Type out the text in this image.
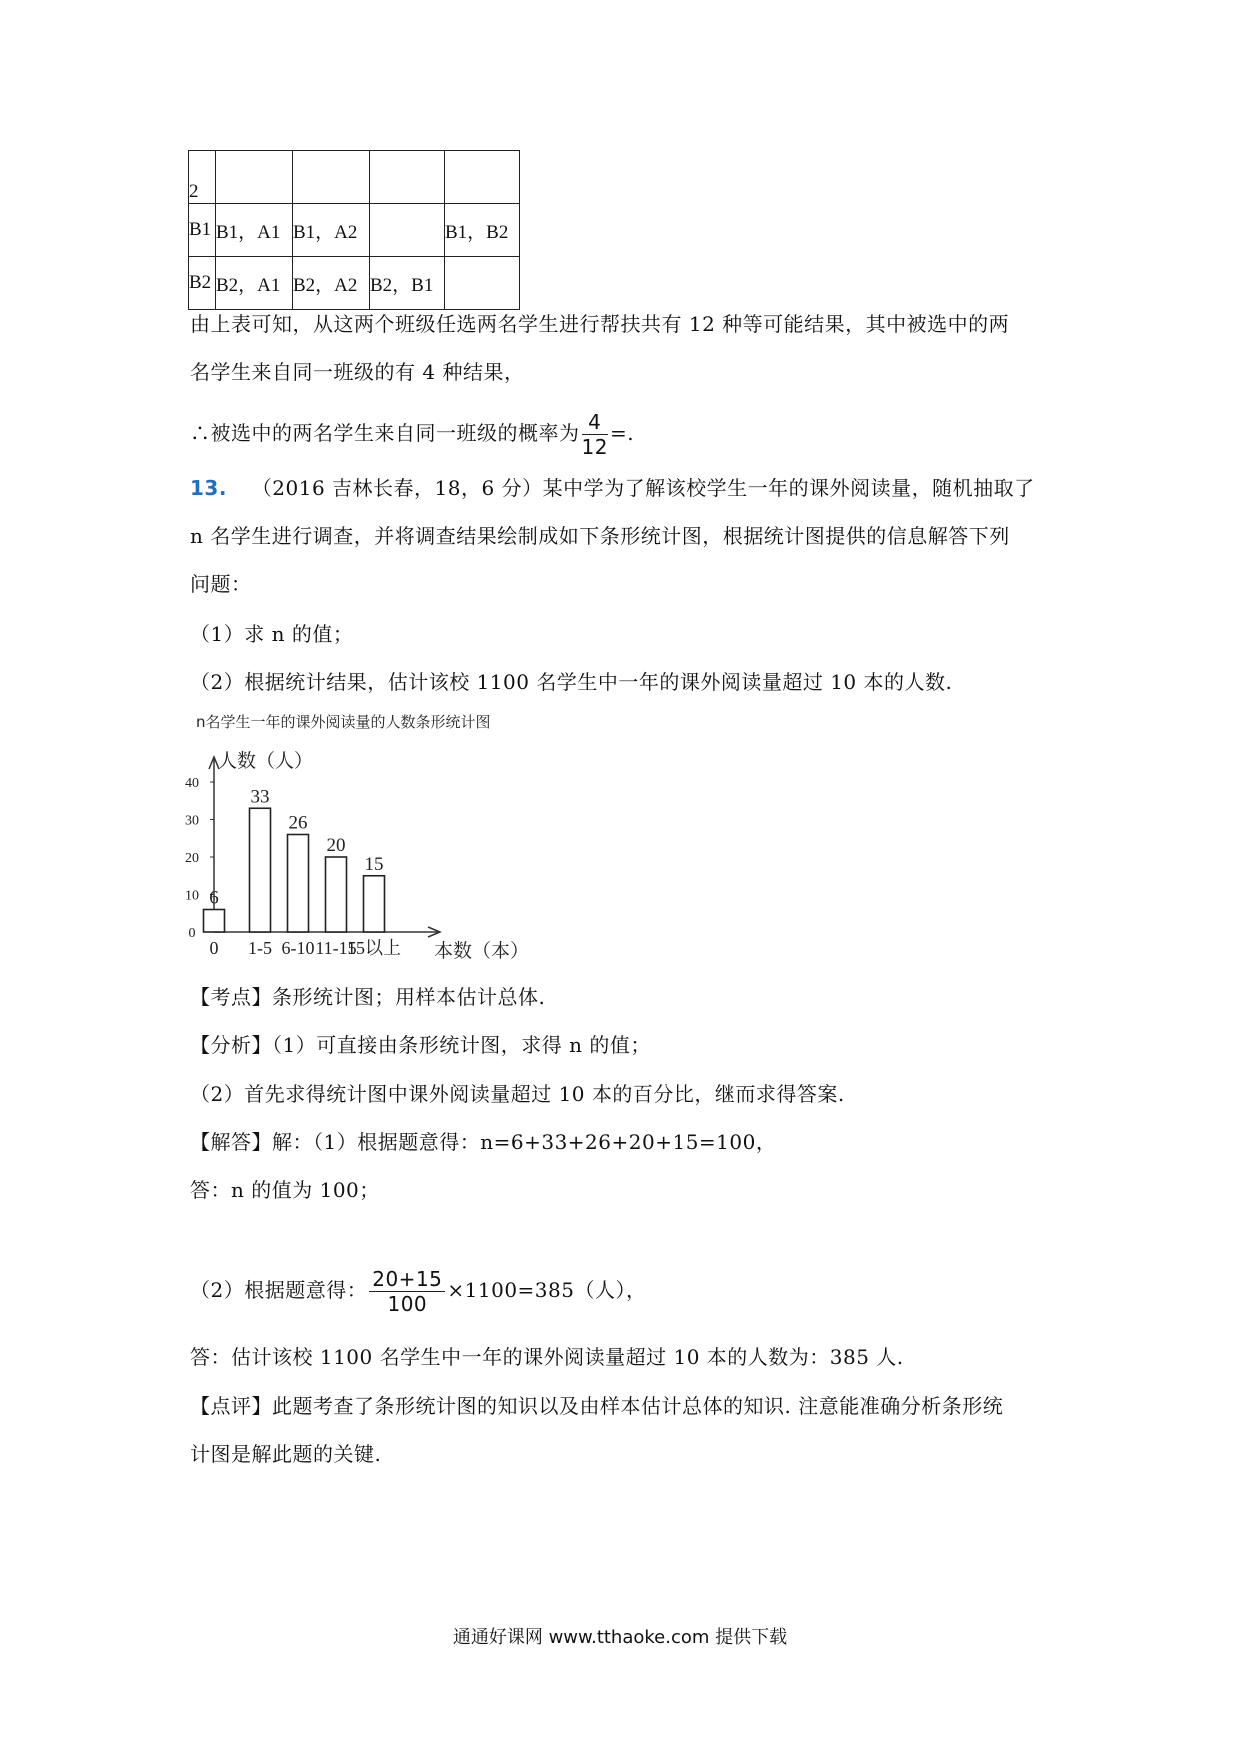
2				
B1	B1，A1	B1，A2		B1，B2
B2	B2，A1	B2，A2	B2，B1	
由上表可知，从这两个班级任选两名学生进行帮扶共有 12 种等可能结果，其中被选中的两
名学生来自同一班级的有 4 种结果，
∴被选中的两名学生来自同一班级的概率为 $\frac{4}{12}$ =.
13. （2016 吉林长春，18，6 分）某中学为了解该校学生一年的课外阅读量，随机抽取了
n 名学生进行调查，并将调查结果绘制成如下条形统计图，根据统计图提供的信息解答下列
问题：
（1）求 n 的值；
（2）根据统计结果，估计该校 1100 名学生中一年的课外阅读量超过 10 本的人数.
n名学生一年的课外阅读量的人数条形统计图
人数（人）
本数（本）
0
10
20
30
40
6
0
33
1-5
26
6-10
20
11-15
15
15以上
【考点】条形统计图；用样本估计总体.
【分析】（1）可直接由条形统计图，求得 n 的值；
（2）首先求得统计图中课外阅读量超过 10 本的百分比，继而求得答案.
【解答】解：（1）根据题意得：n=6+33+26+20+15=100，
答：n 的值为 100；
（2）根据题意得： $\frac{20+15}{100} \times 1100=385$（人），
答：估计该校 1100 名学生中一年的课外阅读量超过 10 本的人数为：385 人.
【点评】此题考查了条形统计图的知识以及由样本估计总体的知识. 注意能准确分析条形统
计图是解此题的关键.
通通好课网 www.tthaoke.com 提供下载
